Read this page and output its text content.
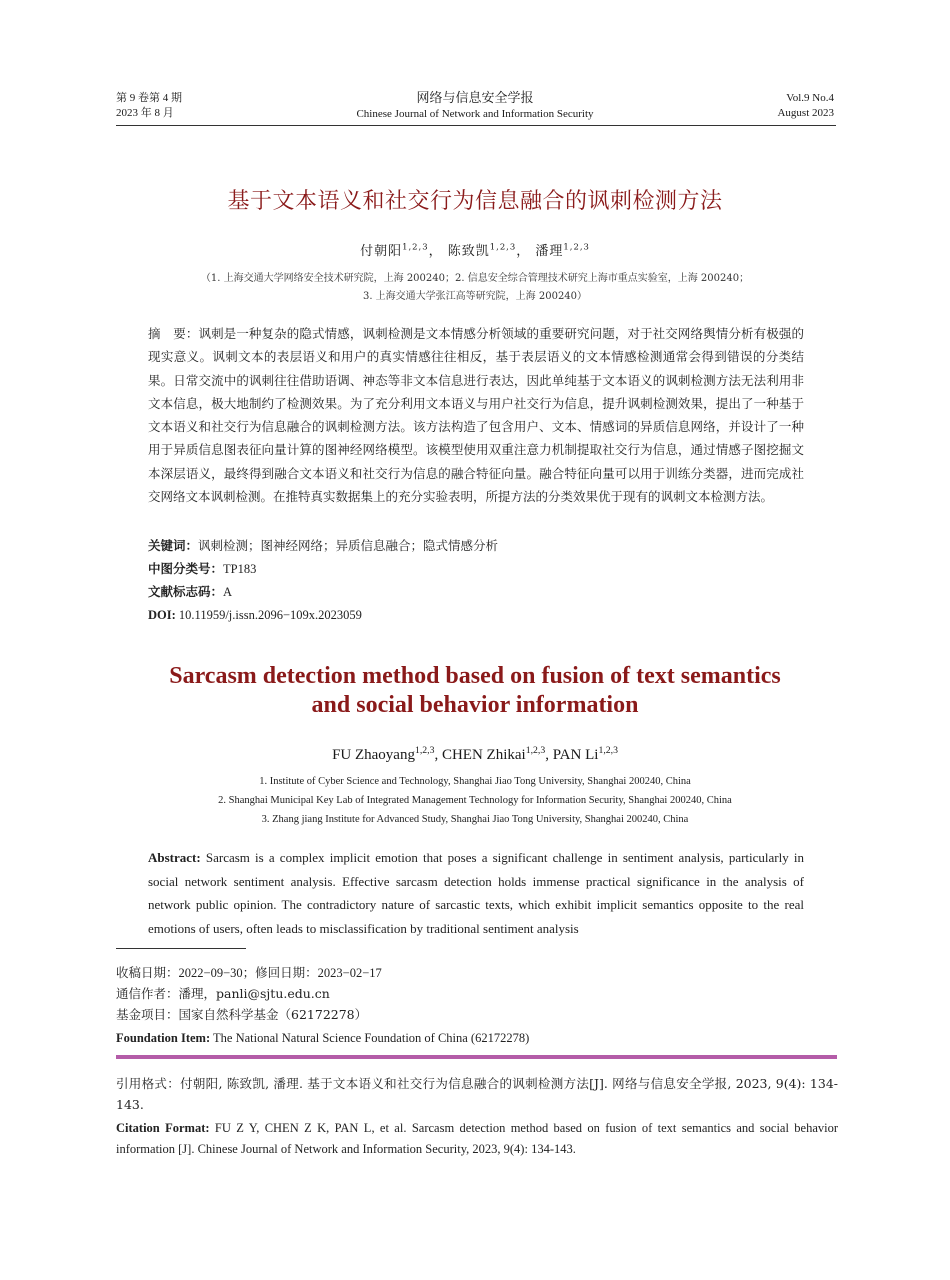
第 9 卷第 4 期
2023 年 8 月
网络与信息安全学报
Chinese Journal of Network and Information Security
Vol.9 No.4
August 2023
基于文本语义和社交行为信息融合的讽刺检测方法
付朝阳$^{1,2,3}$， 陈致凯$^{1,2,3}$， 潘理$^{1,2,3}$
（1. 上海交通大学网络安全技术研究院，上海 200240；2. 信息安全综合管理技术研究上海市重点实验室，上海 200240；
3. 上海交通大学张江高等研究院，上海 200240）
摘　要：讽刺是一种复杂的隐式情感，讽刺检测是文本情感分析领域的重要研究问题，对于社交网络舆情分析有极强的现实意义。讽刺文本的表层语义和用户的真实情感往往相反，基于表层语义的文本情感检测通常会得到错误的分类结果。日常交流中的讽刺往往借助语调、神态等非文本信息进行表达，因此单纯基于文本语义的讽刺检测方法无法利用非文本信息，极大地制约了检测效果。为了充分利用文本语义与用户社交行为信息，提升讽刺检测效果，提出了一种基于文本语义和社交行为信息融合的讽刺检测方法。该方法构造了包含用户、文本、情感词的异质信息网络，并设计了一种用于异质信息图表征向量计算的图神经网络模型。该模型使用双重注意力机制提取社交行为信息，通过情感子图挖掘文本深层语义，最终得到融合文本语义和社交行为信息的融合特征向量。融合特征向量可以用于训练分类器，进而完成社交网络文本讽刺检测。在推特真实数据集上的充分实验表明，所提方法的分类效果优于现有的讽刺文本检测方法。
关键词：讽刺检测；图神经网络；异质信息融合；隐式情感分析
中图分类号：TP183
文献标志码：A
DOI: 10.11959/j.issn.2096−109x.2023059
Sarcasm detection method based on fusion of text semantics
and social behavior information
FU Zhaoyang$^{1,2,3}$, CHEN Zhikai$^{1,2,3}$, PAN Li$^{1,2,3}$
1. Institute of Cyber Science and Technology, Shanghai Jiao Tong University, Shanghai 200240, China
2. Shanghai Municipal Key Lab of Integrated Management Technology for Information Security, Shanghai 200240, China
3. Zhang jiang Institute for Advanced Study, Shanghai Jiao Tong University, Shanghai 200240, China
Abstract: Sarcasm is a complex implicit emotion that poses a significant challenge in sentiment analysis, particularly in social network sentiment analysis. Effective sarcasm detection holds immense practical significance in the analysis of network public opinion. The contradictory nature of sarcastic texts, which exhibit implicit semantics opposite to the real emotions of users, often leads to misclassification by traditional sentiment analysis
收稿日期：2022−09−30；修回日期：2023−02−17
通信作者：潘理，panli@sjtu.edu.cn
基金项目：国家自然科学基金（62172278）
Foundation Item: The National Natural Science Foundation of China (62172278)
引用格式：付朝阳, 陈致凯, 潘理. 基于文本语义和社交行为信息融合的讽刺检测方法[J]. 网络与信息安全学报, 2023, 9(4): 134-143.
Citation Format: FU Z Y, CHEN Z K, PAN L, et al. Sarcasm detection method based on fusion of text semantics and social behavior information [J]. Chinese Journal of Network and Information Security, 2023, 9(4): 134-143.
